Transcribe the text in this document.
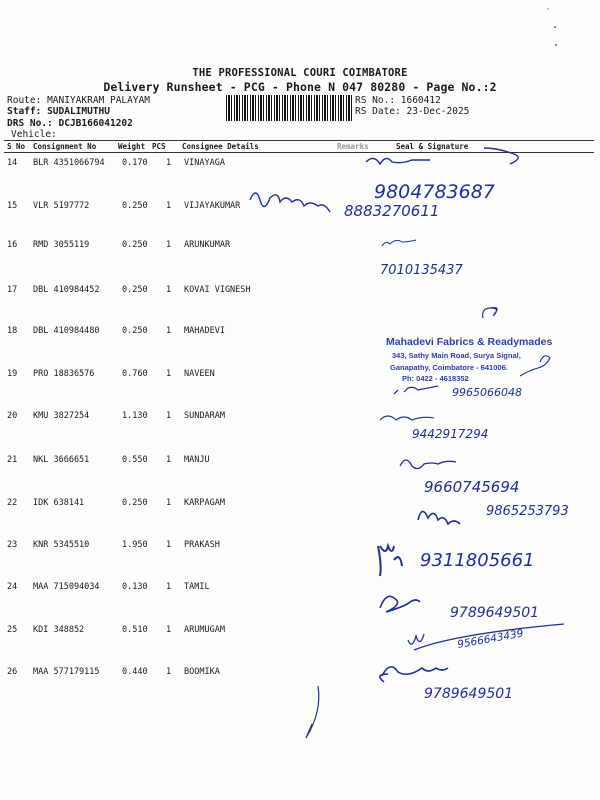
THE PROFESSIONAL COURI COIMBATORE
Delivery Runsheet - PCG - Phone N 047 80280 - Page No.:2
Route: MANIYAKRAM PALAYAM
Staff: SUDALIMUTHU
DRS No.: DCJB166041202
Vehicle:
RS No.: 1660412
RS Date: 23-Dec-2025
S No Consignment No	Weight PCS Consignee Details	Remarks	Seal & Signature
14 BLR 4351066794 0.170 1 VINAYAGA
15 VLR 5197772	0.250 1 VIJAYAKUMAR
16 RMD 3055119	0.250 1 ARUNKUMAR
17 DBL 410984452	0.250 1 KOVAI VIGNESH
18 DBL 410984480	0.250 1 MAHADEVI
19 PRO 18836576	0.760 1 NAVEEN
20 KMU 3827254	1.130 1 SUNDARAM
21 NKL 3666651	0.550 1 MANJU
22 IDK 638141	0.250 1 KARPAGAM
23 KNR 5345510	1.950 1 PRAKASH
24 MAA 715094034	0.130 1 TAMIL
25 KDI 348852	0.510 1 ARUMUGAM
26 MAA 577179115	0.440 1 BOOMIKA
9804783687
8883270611
7010135437
Mahadevi Fabrics & Readymades
343, Sathy Main Road, Surya Signal,
Ganapathy, Coimbatore - 641006.
Ph: 0422 - 4618352
9965066048
9442917294
9660745694
9865253793
9311805661
9789649501
9566643439
9789649501
